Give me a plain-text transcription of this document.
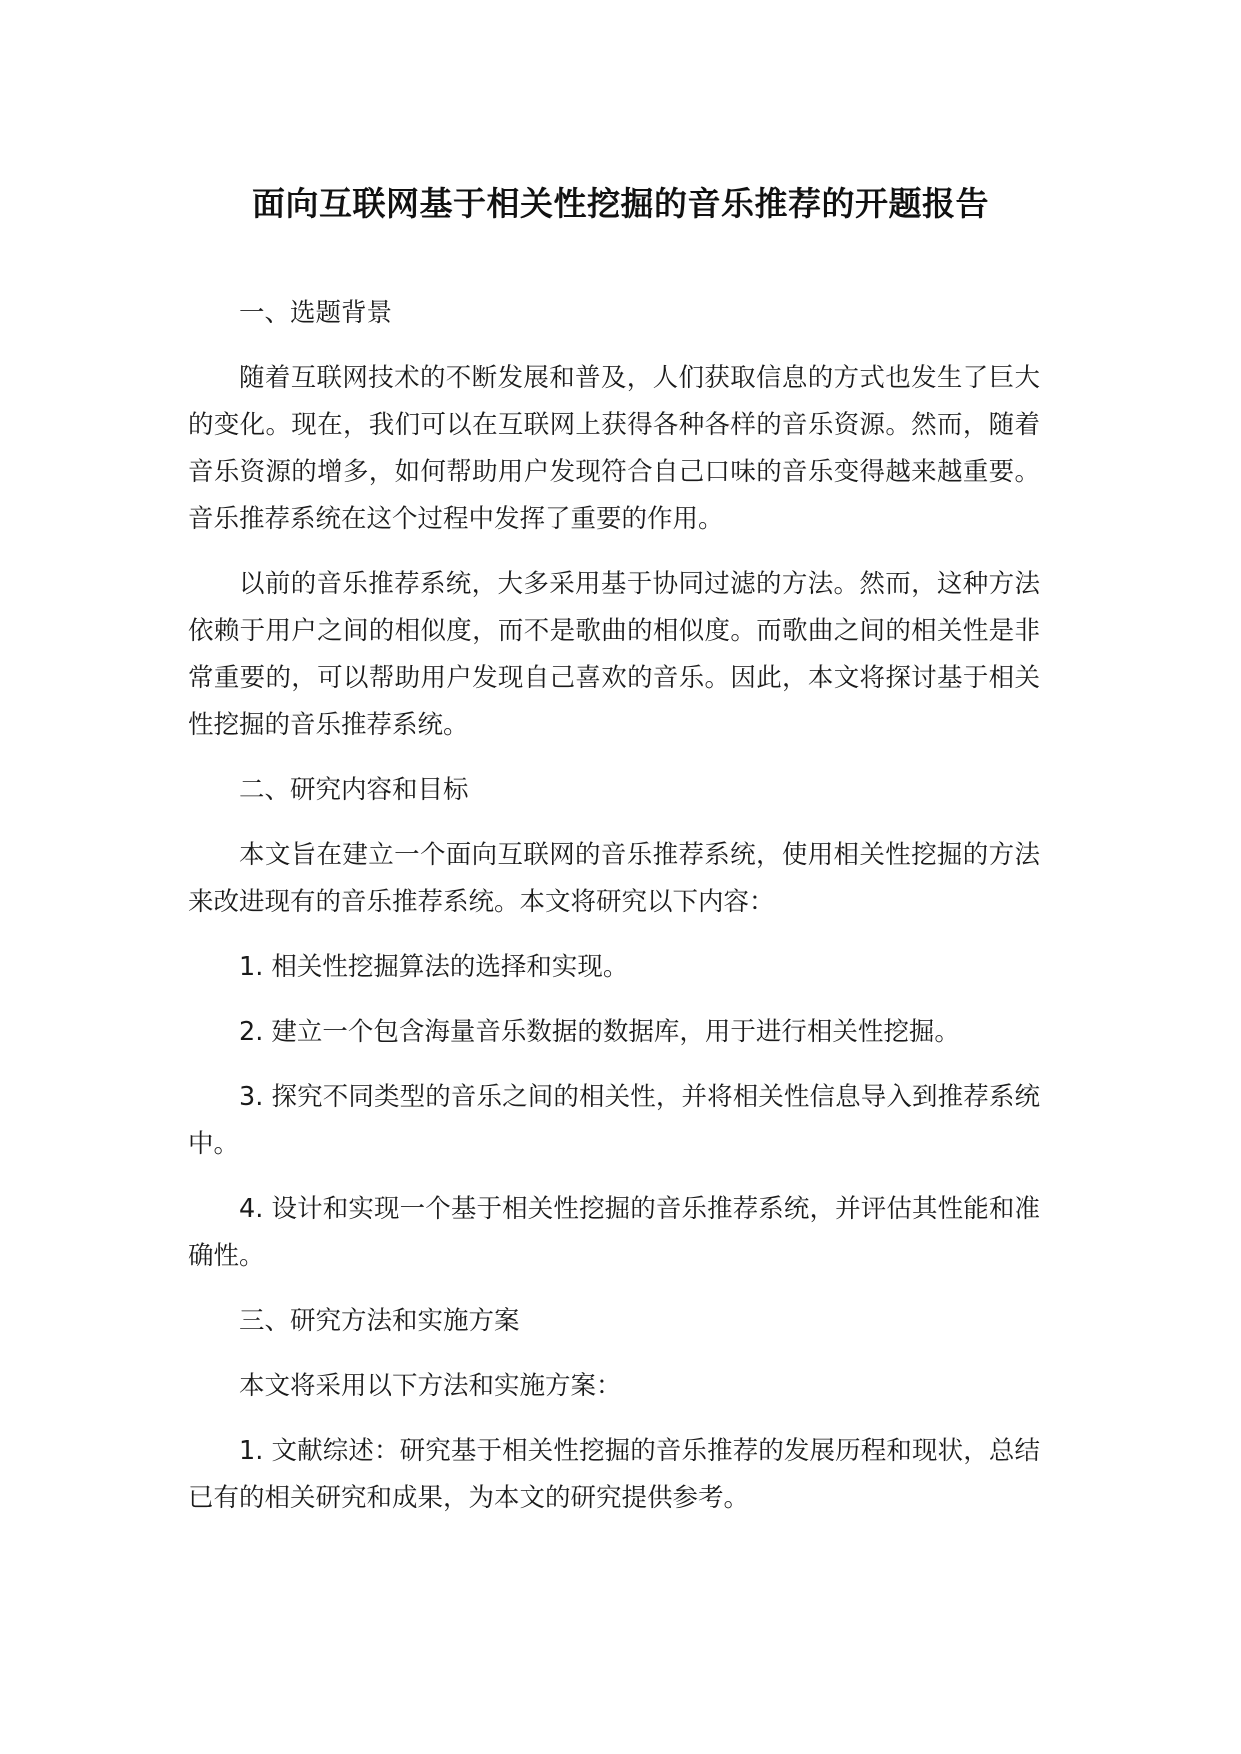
面向互联网基于相关性挖掘的音乐推荐的开题报告

一、选题背景

随着互联网技术的不断发展和普及，人们获取信息的方式也发生了巨大的变化。现在，我们可以在互联网上获得各种各样的音乐资源。然而，随着音乐资源的增多，如何帮助用户发现符合自己口味的音乐变得越来越重要。音乐推荐系统在这个过程中发挥了重要的作用。

以前的音乐推荐系统，大多采用基于协同过滤的方法。然而，这种方法依赖于用户之间的相似度，而不是歌曲的相似度。而歌曲之间的相关性是非常重要的，可以帮助用户发现自己喜欢的音乐。因此，本文将探讨基于相关性挖掘的音乐推荐系统。

二、研究内容和目标

本文旨在建立一个面向互联网的音乐推荐系统，使用相关性挖掘的方法来改进现有的音乐推荐系统。本文将研究以下内容：

1. 相关性挖掘算法的选择和实现。

2. 建立一个包含海量音乐数据的数据库，用于进行相关性挖掘。

3. 探究不同类型的音乐之间的相关性，并将相关性信息导入到推荐系统中。

4. 设计和实现一个基于相关性挖掘的音乐推荐系统，并评估其性能和准确性。

三、研究方法和实施方案

本文将采用以下方法和实施方案：

1. 文献综述：研究基于相关性挖掘的音乐推荐的发展历程和现状，总结已有的相关研究和成果，为本文的研究提供参考。
